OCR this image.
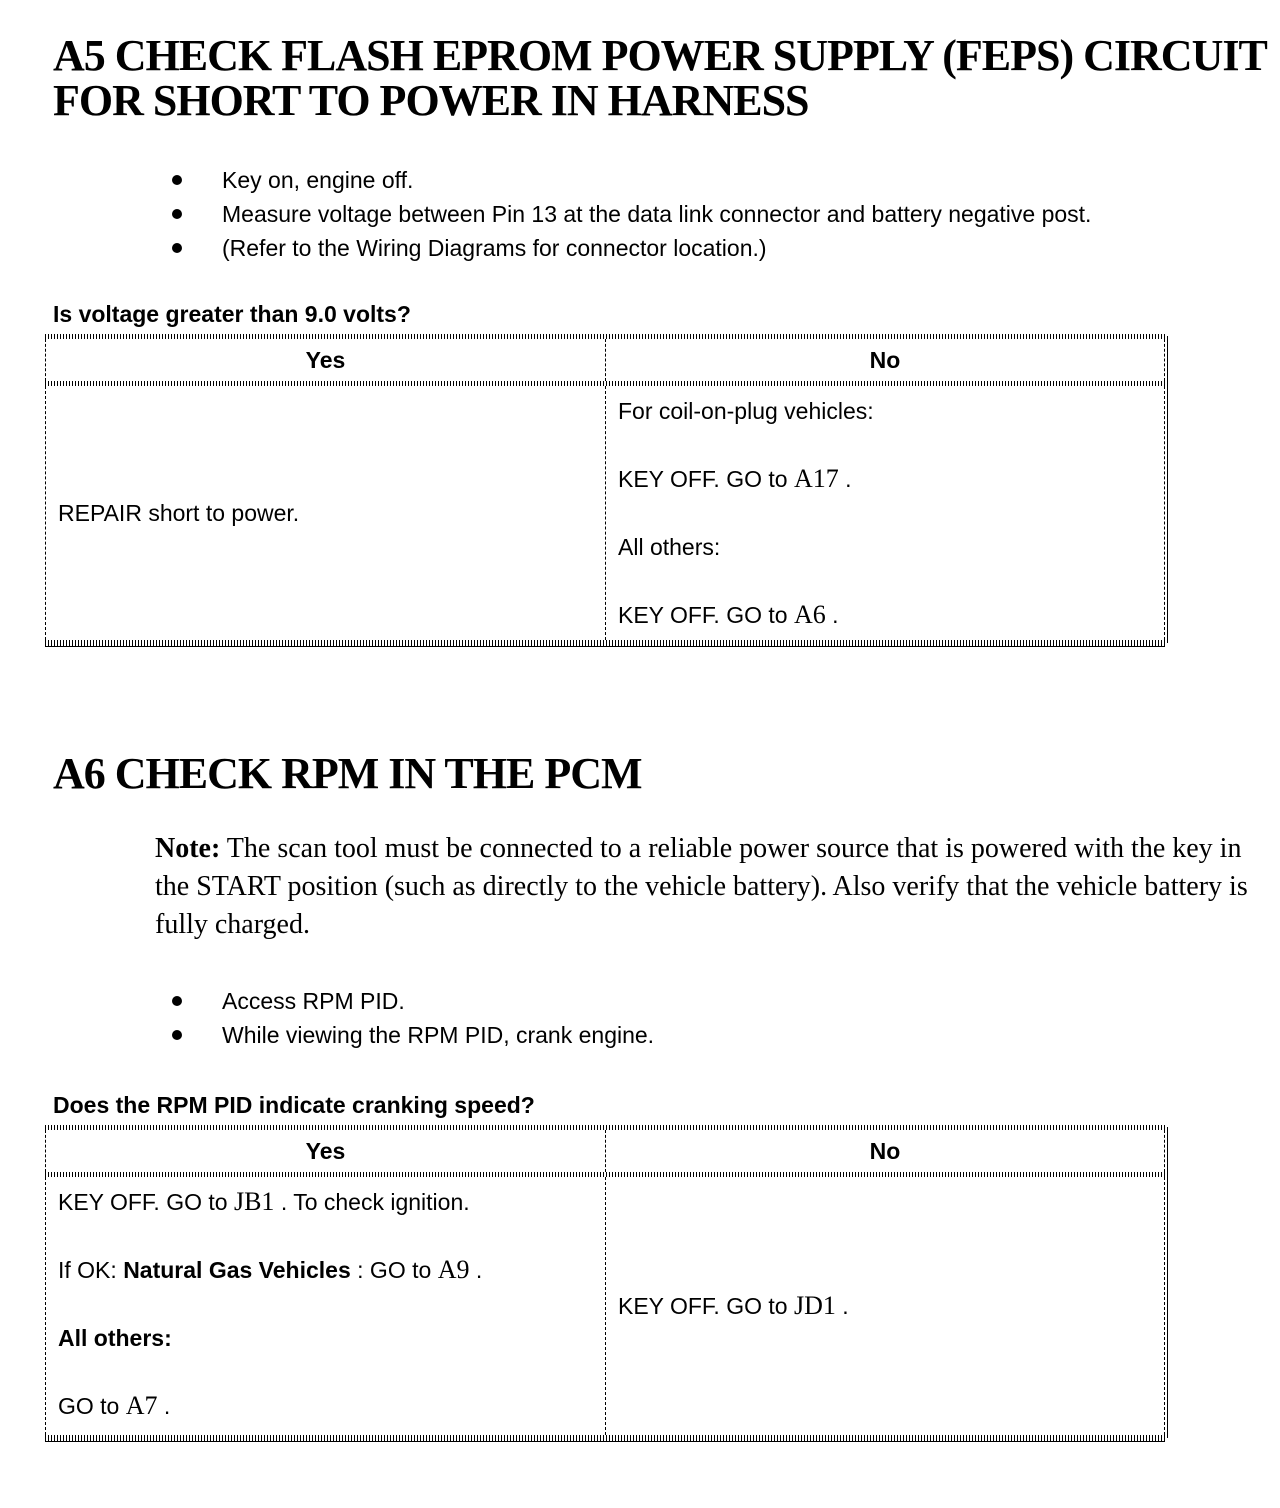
A5 CHECK FLASH EPROM POWER SUPPLY (FEPS) CIRCUIT
FOR SHORT TO POWER IN HARNESS
Key on, engine off.
Measure voltage between Pin 13 at the data link connector and battery negative post.
(Refer to the Wiring Diagrams for connector location.)
Is voltage greater than 9.0 volts?
Yes	No
REPAIR short to power.

For coil-on-plug vehicles:

KEY OFF. GO to A17 .

All others:

KEY OFF. GO to A6 .

A6 CHECK RPM IN THE PCM
Note: The scan tool must be connected to a reliable power source that is powered with the key in the START position (such as directly to the vehicle battery). Also verify that the vehicle battery is fully charged.
Access RPM PID.
While viewing the RPM PID, crank engine.
Does the RPM PID indicate cranking speed?
Yes	No

KEY OFF. GO to JB1 . To check ignition.

If OK: Natural Gas Vehicles : GO to A9 .

All others:

GO to A7 .

KEY OFF. GO to JD1 .
